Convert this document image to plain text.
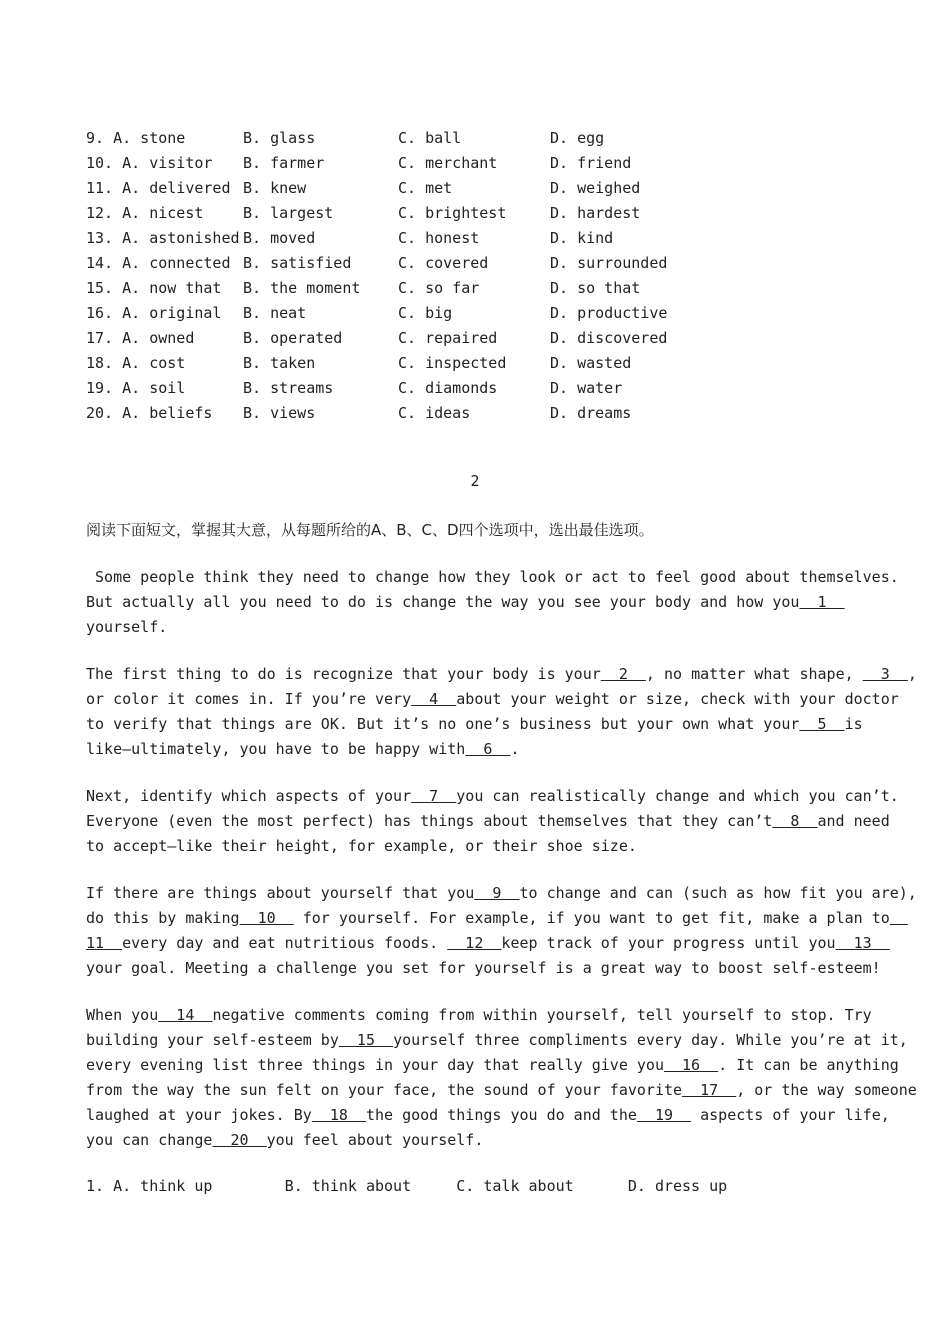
9. A. stone	B. glass	C. ball	D. egg
10. A. visitor	B. farmer	C. merchant	D. friend
11. A. delivered	B. knew	C. met	D. weighed
12. A. nicest	B. largest	C. brightest	D. hardest
13. A. astonished	B. moved	C. honest	D. kind
14. A. connected	B. satisfied	C. covered	D. surrounded
15. A. now that	B. the moment	C. so far	D. so that
16. A. original	B. neat	C. big	D. productive
17. A. owned	B. operated	C. repaired	D. discovered
18. A. cost	B. taken	C. inspected	D. wasted
19. A. soil	B. streams	C. diamonds	D. water
20. A. beliefs	B. views	C. ideas	D. dreams
2
阅读下面短文，掌握其大意，从每题所给的A、B、C、D四个选项中，选出最佳选项。
Some people think they need to change how they look or act to feel good about themselves.
But actually all you need to do is change the way you see your body and how you  1
yourself.
The first thing to do is recognize that your body is your  2  , no matter what shape,   3  ,
or color it comes in. If you’re very  4  about your weight or size, check with your doctor
to verify that things are OK. But it’s no one’s business but your own what your  5  is
like—ultimately, you have to be happy with  6  .
Next, identify which aspects of your  7  you can realistically change and which you can’t.
Everyone (even the most perfect) has things about themselves that they can’t  8  and need
to accept—like their height, for example, or their shoe size.
If there are things about yourself that you  9  to change and can (such as how fit you are),
do this by making  10   for yourself. For example, if you want to get fit, make a plan to
11  every day and eat nutritious foods.   12  keep track of your progress until you  13
your goal. Meeting a challenge you set for yourself is a great way to boost self-esteem!
When you  14  negative comments coming from within yourself, tell yourself to stop. Try
building your self-esteem by  15  yourself three compliments every day. While you’re at it,
every evening list three things in your day that really give you  16  . It can be anything
from the way the sun felt on your face, the sound of your favorite  17  , or the way someone
laughed at your jokes. By  18  the good things you do and the  19   aspects of your life,
you can change  20  you feel about yourself.
1. A. think up        B. think about     C. talk about      D. dress up
